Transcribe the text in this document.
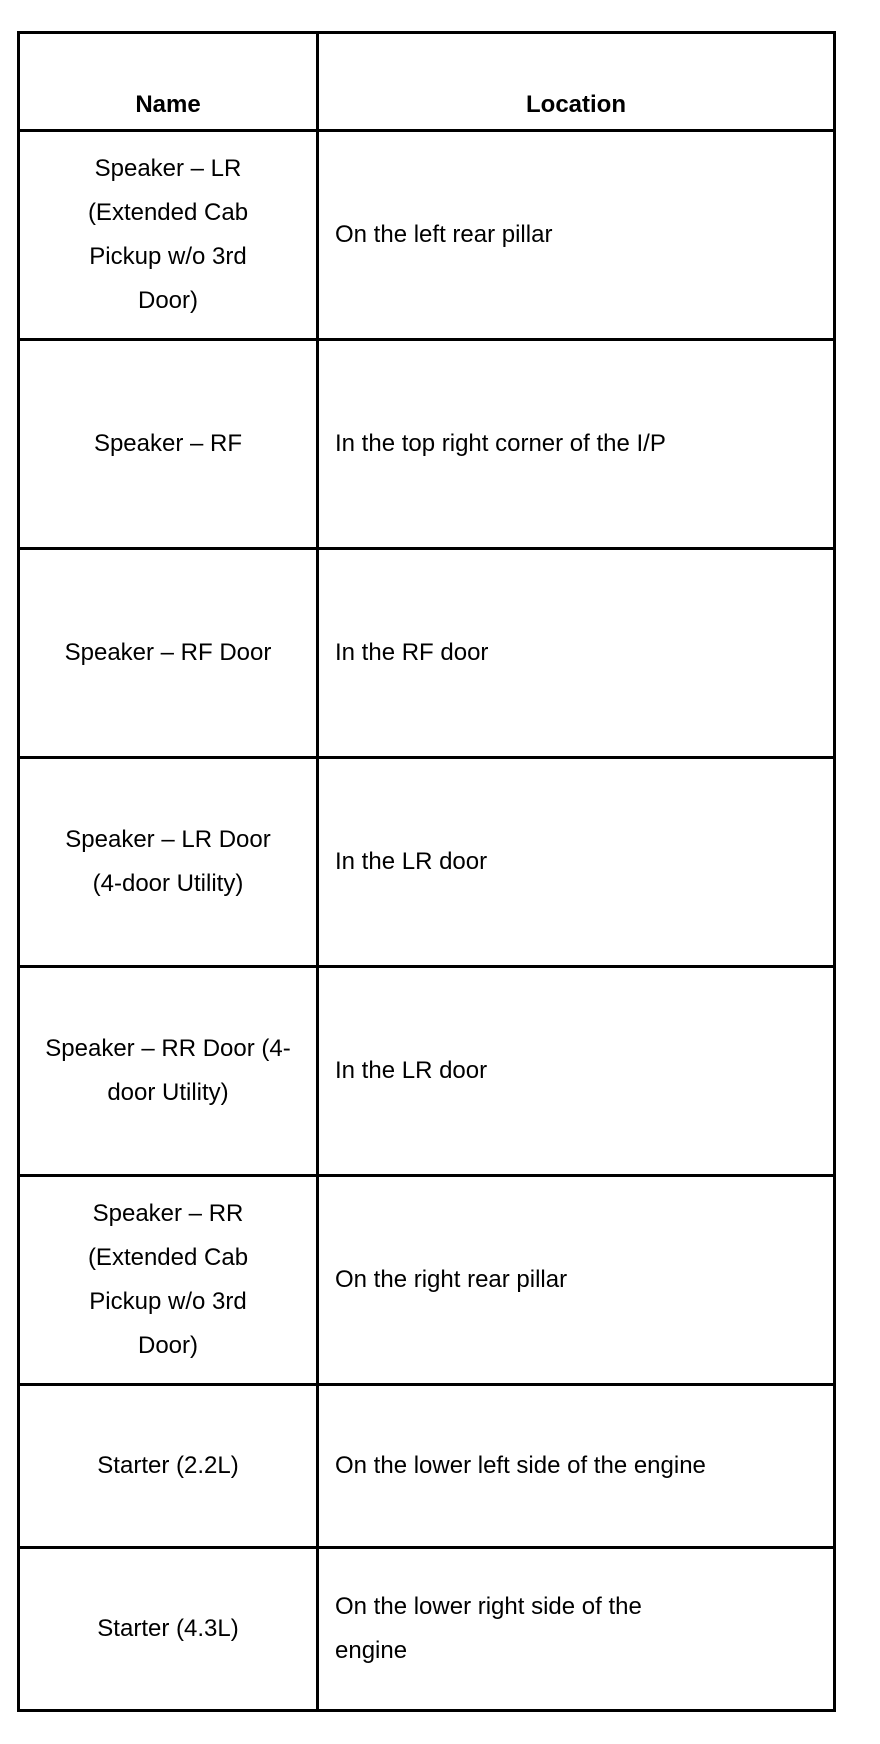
Name	Location
Speaker – LR (Extended Cab Pickup w/o 3rd Door)	On the left rear pillar
Speaker – RF	In the top right corner of the I/P
Speaker – RF Door	In the RF door
Speaker – LR Door (4-door Utility)	In the LR door
Speaker – RR Door (4-door Utility)	In the LR door
Speaker – RR (Extended Cab Pickup w/o 3rd Door)	On the right rear pillar
Starter (2.2L)	On the lower left side of the engine
Starter (4.3L)	On the lower right side of the engine
